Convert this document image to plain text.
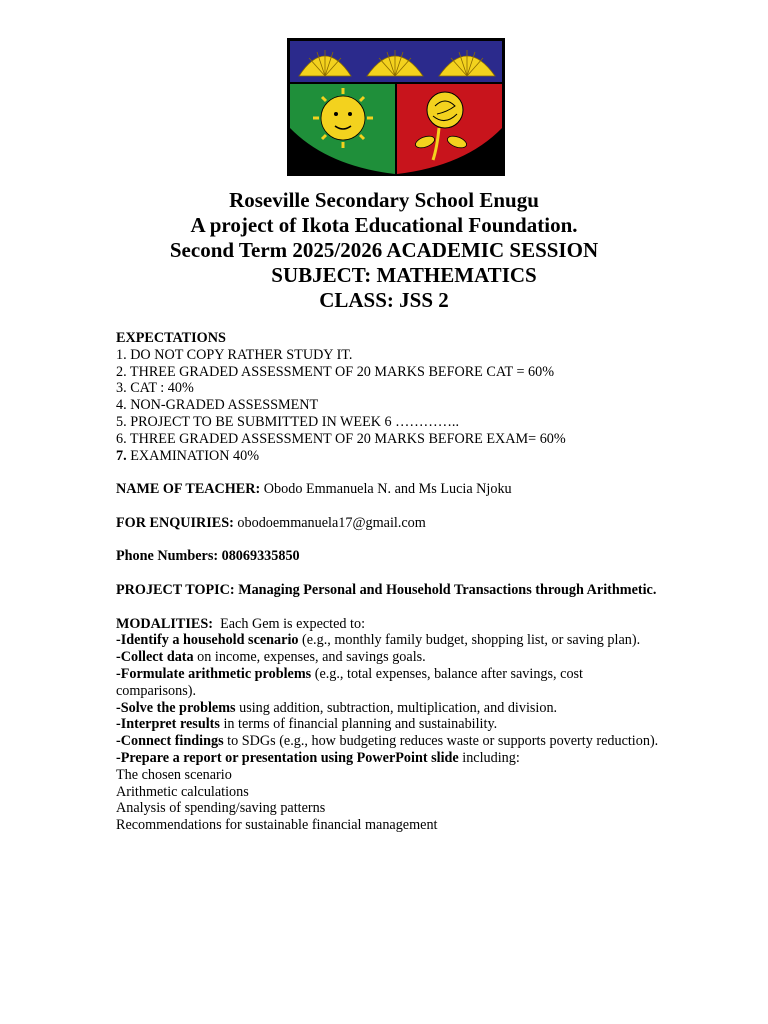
Roseville Secondary School Enugu
A project of Ikota Educational Foundation.
Second Term 2025/2026 ACADEMIC SESSION
SUBJECT: MATHEMATICS
CLASS: JSS 2

EXPECTATIONS

1. DO NOT COPY RATHER STUDY IT.

2. THREE GRADED ASSESSMENT OF 20 MARKS BEFORE CAT = 60%

3. CAT : 40%

4. NON-GRADED ASSESSMENT

5. PROJECT TO BE SUBMITTED IN WEEK 6 …………..

6. THREE GRADED ASSESSMENT OF 20 MARKS BEFORE EXAM= 60%

7. EXAMINATION 40%

NAME OF TEACHER: Obodo Emmanuela N. and Ms Lucia Njoku

FOR ENQUIRIES: obodoemmanuela17@gmail.com

Phone Numbers: 08069335850

PROJECT TOPIC: Managing Personal and Household Transactions through Arithmetic.

MODALITIES:  Each Gem is expected to:

-Identify a household scenario (e.g., monthly family budget, shopping list, or saving plan).

-Collect data on income, expenses, and savings goals.

-Formulate arithmetic problems (e.g., total expenses, balance after savings, cost comparisons).

-Solve the problems using addition, subtraction, multiplication, and division.

-Interpret results in terms of financial planning and sustainability.

-Connect findings to SDGs (e.g., how budgeting reduces waste or supports poverty reduction).

-Prepare a report or presentation using PowerPoint slide including:

The chosen scenario

Arithmetic calculations

Analysis of spending/saving patterns

Recommendations for sustainable financial management
